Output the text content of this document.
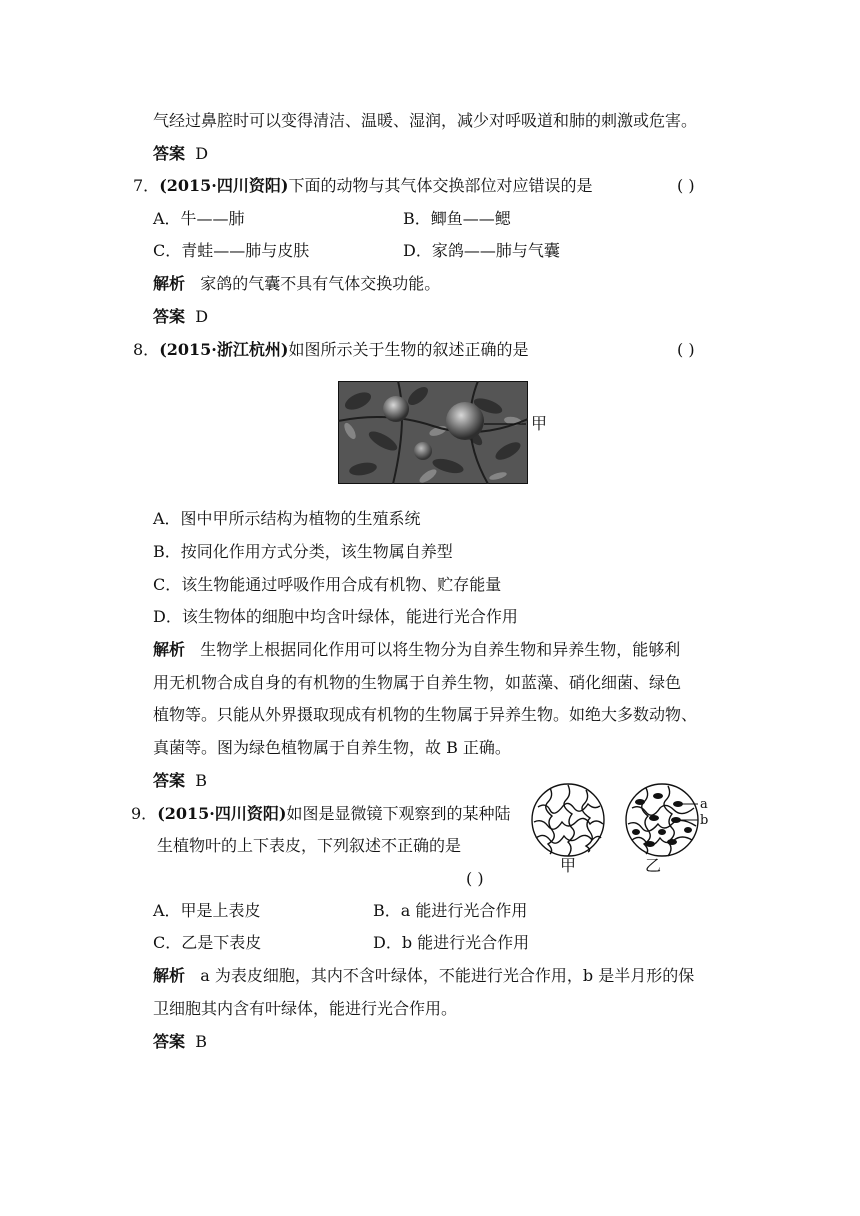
气经过鼻腔时可以变得清洁、温暖、湿润，减少对呼吸道和肺的刺激或危害。
答案 D
7．(2015·四川资阳)下面的动物与其气体交换部位对应错误的是	( )
A．牛——肺	B．鲫鱼——鳃
C．青蛙——肺与皮肤	D．家鸽——肺与气囊
解析 家鸽的气囊不具有气体交换功能。
答案 D
8．(2015·浙江杭州)如图所示关于生物的叙述正确的是	( )
甲
A．图中甲所示结构为植物的生殖系统
B．按同化作用方式分类，该生物属自养型
C．该生物能通过呼吸作用合成有机物、贮存能量
D．该生物体的细胞中均含叶绿体，能进行光合作用
解析 生物学上根据同化作用可以将生物分为自养生物和异养生物，能够利
用无机物合成自身的有机物的生物属于自养生物，如蓝藻、硝化细菌、绿色
植物等。只能从外界摄取现成有机物的生物属于异养生物。如绝大多数动物、
真菌等。图为绿色植物属于自养生物，故 B 正确。
答案 B
9．(2015·四川资阳)如图是显微镜下观察到的某种陆
生植物叶的上下表皮，下列叙述不正确的是
( )
a
b
甲	乙
A．甲是上表皮	B．a 能进行光合作用
C．乙是下表皮	D．b 能进行光合作用
解析 a 为表皮细胞，其内不含叶绿体，不能进行光合作用，b 是半月形的保
卫细胞其内含有叶绿体，能进行光合作用。
答案 B
